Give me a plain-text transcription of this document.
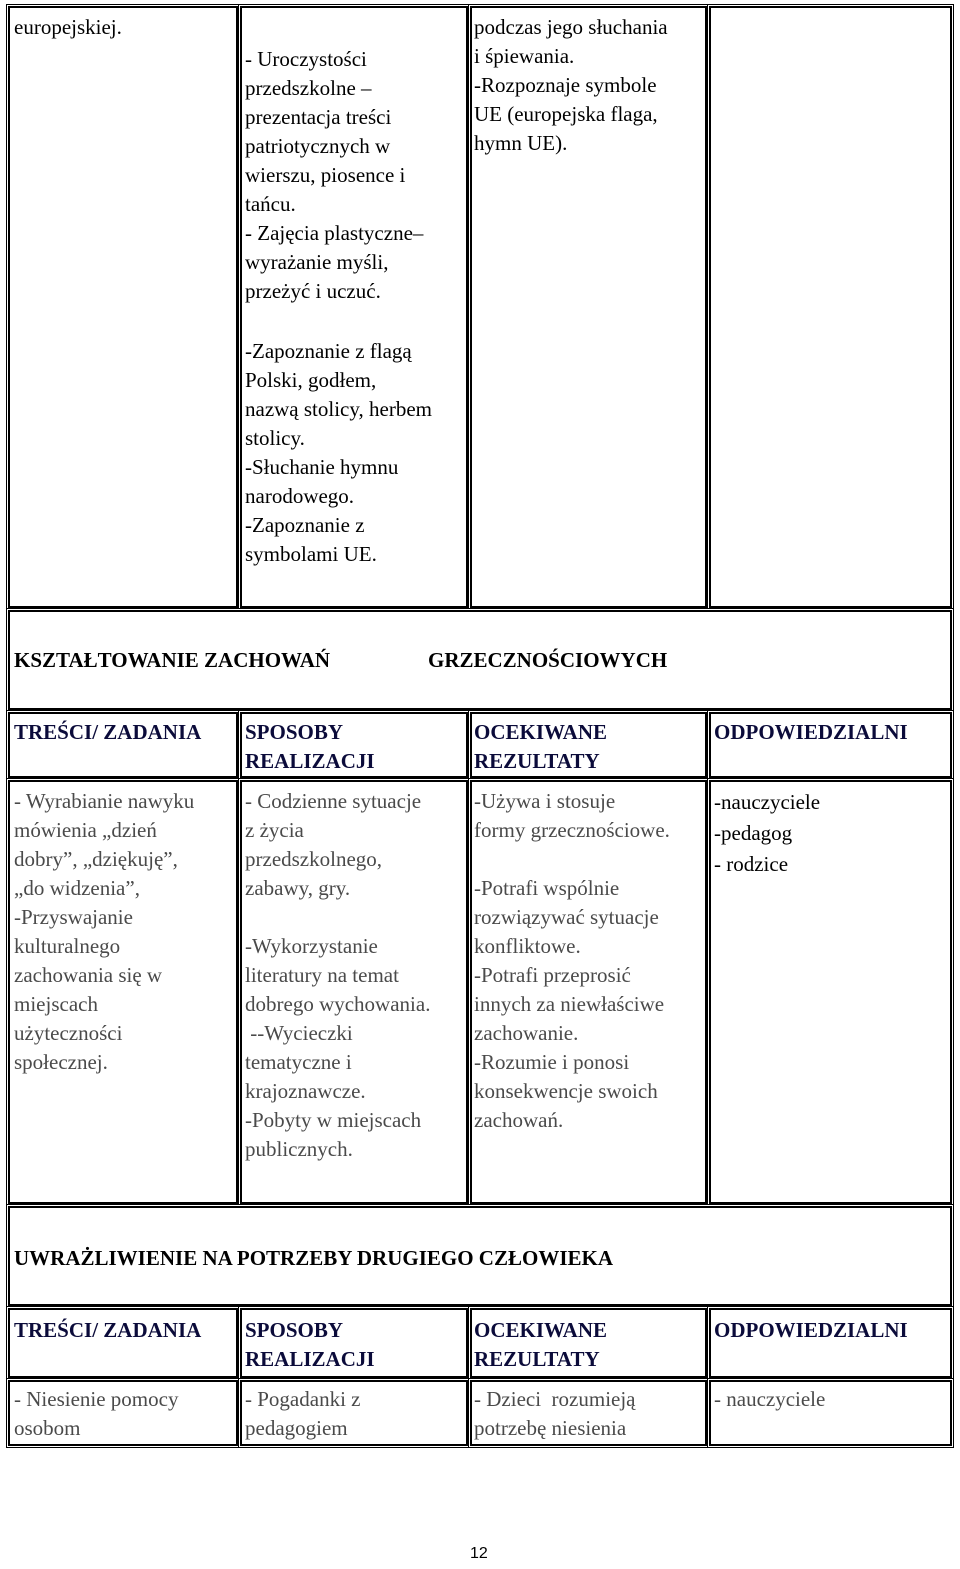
europejskiej.
- Uroczystości
przedszkolne –
prezentacja treści
patriotycznych w
wierszu, piosence i
tańcu.
- Zajęcia plastyczne–
wyrażanie myśli,
przeżyć i uczuć.
-Zapoznanie z flagą
Polski, godłem,
nazwą stolicy, herbem
stolicy.
-Słuchanie hymnu
narodowego.
-Zapoznanie z
symbolami UE.
podczas jego słuchania
i śpiewania.
-Rozpoznaje symbole
UE (europejska flaga,
hymn UE).
KSZTAŁTOWANIE ZACHOWAŃ	GRZECZNOŚCIOWYCH
TREŚCI/ ZADANIA SPOSOBY
REALIZACJI
OCEKIWANE
REZULTATY
ODPOWIEDZIALNI
- Wyrabianie nawyku
mówienia „dzień
dobry”, „dziękuję”,
„do widzenia”,
-Przyswajanie
kulturalnego
zachowania się w
miejscach
użyteczności
społecznej.
- Codzienne sytuacje
z życia
przedszkolnego,
zabawy, gry.
-Wykorzystanie
literatury na temat
dobrego wychowania.
--Wycieczki
tematyczne i
krajoznawcze.
-Pobyty w miejscach
publicznych.
-Używa i stosuje
formy grzecznościowe.
-Potrafi wspólnie
rozwiązywać sytuacje
konfliktowe.
-Potrafi przeprosić
innych za niewłaściwe
zachowanie.
-Rozumie i ponosi
konsekwencje swoich
zachowań.
-nauczyciele
-pedagog
- rodzice
UWRAŻLIWIENIE NA POTRZEBY DRUGIEGO CZŁOWIEKA
TREŚCI/ ZADANIA SPOSOBY
REALIZACJI
OCEKIWANE
REZULTATY
ODPOWIEDZIALNI
- Niesienie pomocy
osobom
- Pogadanki z
pedagogiem
- Dzieci  rozumieją
potrzebę niesienia
- nauczyciele
12
